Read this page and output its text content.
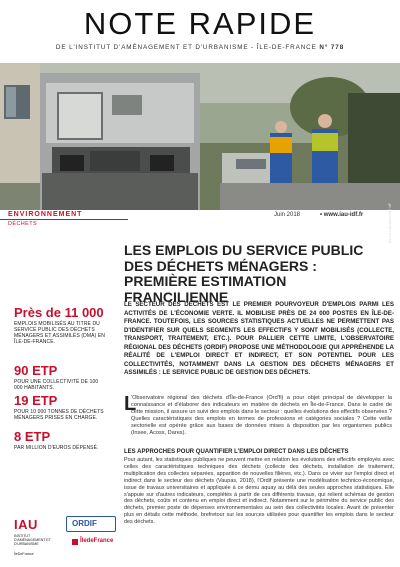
NOTE RAPIDE
DE L'INSTITUT D'AMÉNAGEMENT ET D'URBANISME - ÎLE-DE-FRANCE N° 778
Benoit Lafontaine/IAU îdF
ENVIRONNEMENT	Juin 2018	• www.iau-idf.fr
DÉCHETS
Près de 11 000
EMPLOIS MOBILISÉS AU TITRE DU SERVICE PUBLIC DES DÉCHETS MÉNAGERS ET ASSIMILÉS (DMA) EN ÎLE-DE-FRANCE.
90 ETP
POUR UNE COLLECTIVITÉ DE 100 000 HABITANTS.
19 ETP
POUR 10 000 TONNES DE DÉCHETS MÉNAGERS PRISES EN CHARGE.
8 ETP
PAR MILLION D'EUROS DÉPENSÉ.
IAU
INSTITUT D'AMÉNAGEMENT ET D'URBANISME
ÎleDeFrance
ORDIF
ÎledeFrance
LES EMPLOIS DU SERVICE PUBLIC DES DÉCHETS MÉNAGERS : PREMIÈRE ESTIMATION FRANCILIENNE
LE SECTEUR DES DÉCHETS EST LE PREMIER POURVOYEUR D'EMPLOIS PARMI LES ACTIVITÉS DE L'ÉCONOMIE VERTE. IL MOBILISE PRÈS DE 24 000 POSTES EN ÎLE-DE-FRANCE. TOUTEFOIS, LES SOURCES STATISTIQUES ACTUELLES NE PERMETTENT PAS D'IDENTIFIER SUR QUELS SEGMENTS LES EFFECTIFS Y SONT MOBILISÉS (COLLECTE, TRANSPORT, TRAITEMENT, ETC.). POUR PALLIER CETTE LIMITE, L'OBSERVATOIRE RÉGIONAL DES DÉCHETS (ORDIF) PROPOSE UNE MÉTHODOLOGIE QUI APPRÉHENDE LA RÉALITÉ DE L'EMPLOI DIRECT ET INDIRECT, ET SON POTENTIEL POUR LES COLLECTIVITÉS, NOTAMMENT DANS LA GESTION DES DÉCHETS MÉNAGERS ET ASSIMILÉS : LE SERVICE PUBLIC DE GESTION DES DÉCHETS.
L
'Observatoire régional des déchets d'Île-de-France (Ord'fi) a pour objet principal de développer la connaissance et d'élaborer des indicateurs en matière de déchets en Île-de-France. Dans le cadre de cette mission, il assure un suivi des emplois dans le secteur : quelles évolutions des effectifs observées ? Quelles caractéristiques des emplois en termes de professions et catégories sociales ? Cette veille sectorielle est opérée grâce aux bases de données mises à disposition par les organismes publics (Insee, Acoss, Dares).
LES APPROCHES POUR QUANTIFIER L'EMPLOI DIRECT DANS LES DÉCHETS
Pour autant, les statistiques publiques ne peuvent mettre en relation les évolutions des effectifs employés avec celles des caractéristiques techniques des déchets (collecte des déchets, installation de traitement, multiplication des collectes séparées, apparition de nouvelles filières, etc.). Dans ce vivier sur l'emploi direct et indirect dans le secteur des déchets (Vaupas, 2018), l'Ordif présente une modélisation technico-économique, issue de travaux universitaires et appliquée à ce dernu aquay au délà des seules approches statistiques. Elle s'appuie sur d'autres indicateurs, complétés à partir de ces différents travaux, qui relient schémas de gestion des déchets, coûts et contenu en emploi direct et indirect. Notamment sur le périmètre du service public des déchets, premier poste de dépenses environnementales au sein des collectivités locales. Avant de présenter plus en détails cette méthode, brefretour sur les sources utilisées pour quantifier les emplois dans le secteur des déchets.
